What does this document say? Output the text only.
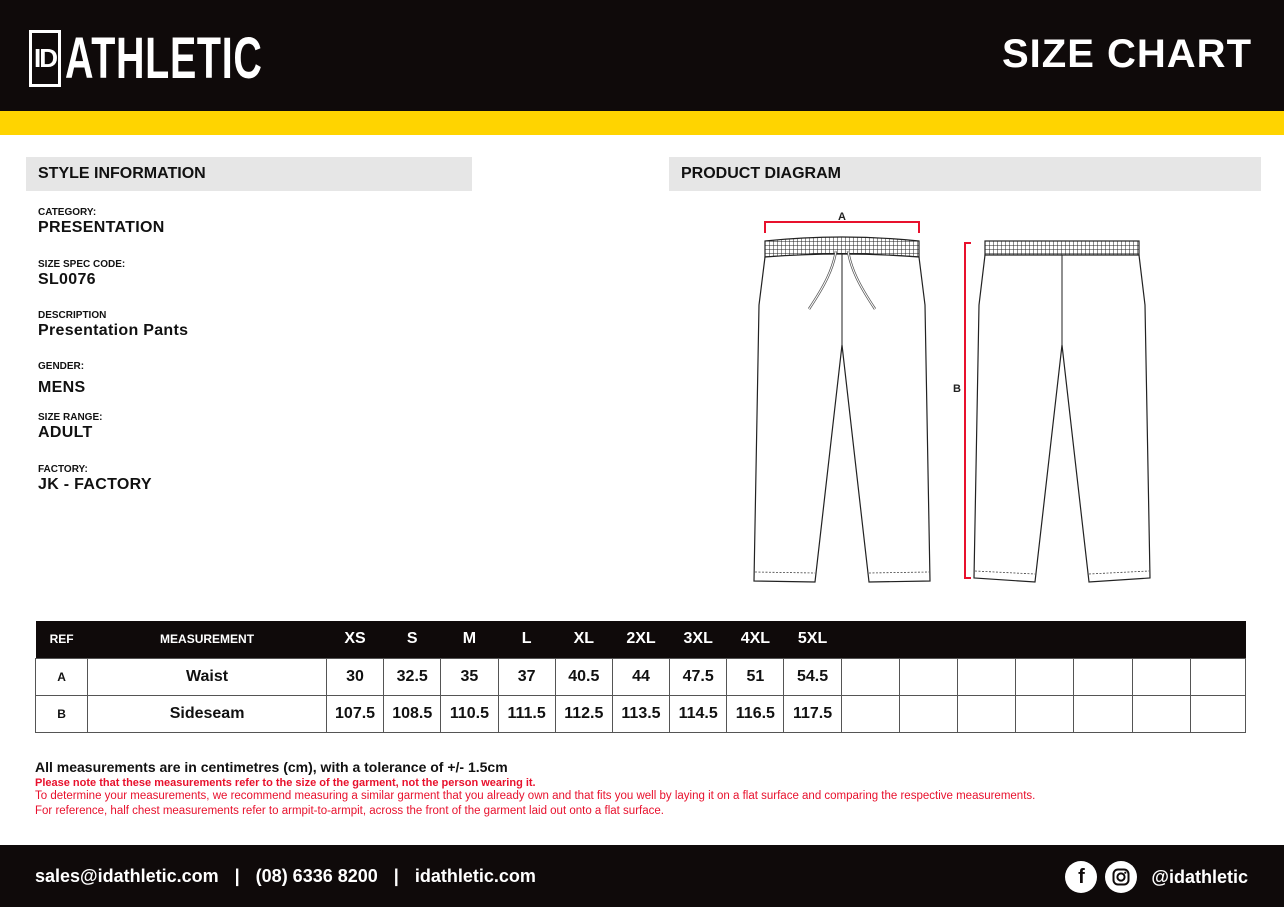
ID ATHLETIC	SIZE CHART
STYLE INFORMATION
CATEGORY:
PRESENTATION
SIZE SPEC CODE:
SL0076
DESCRIPTION
Presentation Pants
GENDER:
MENS
SIZE RANGE:
ADULT
FACTORY:
JK - FACTORY
PRODUCT DIAGRAM
A
B
REF	MEASUREMENT	XS	S	M	L	XL	2XL	3XL	4XL	5XL							
A	Waist	30	32.5	35	37	40.5	44	47.5	51	54.5							
B	Sideseam	107.5	108.5	110.5	111.5	112.5	113.5	114.5	116.5	117.5							
All measurements are in centimetres (cm), with a tolerance of +/- 1.5cm
Please note that these measurements refer to the size of the garment, not the person wearing it.
To determine your measurements, we recommend measuring a similar garment that you already own and that fits you well by laying it on a flat surface and comparing the respective measurements.
For reference, half chest measurements refer to armpit-to-armpit, across the front of the garment laid out onto a flat surface.
sales@idathletic.com | (08) 6336 8200 | idathletic.com	f	@idathletic
